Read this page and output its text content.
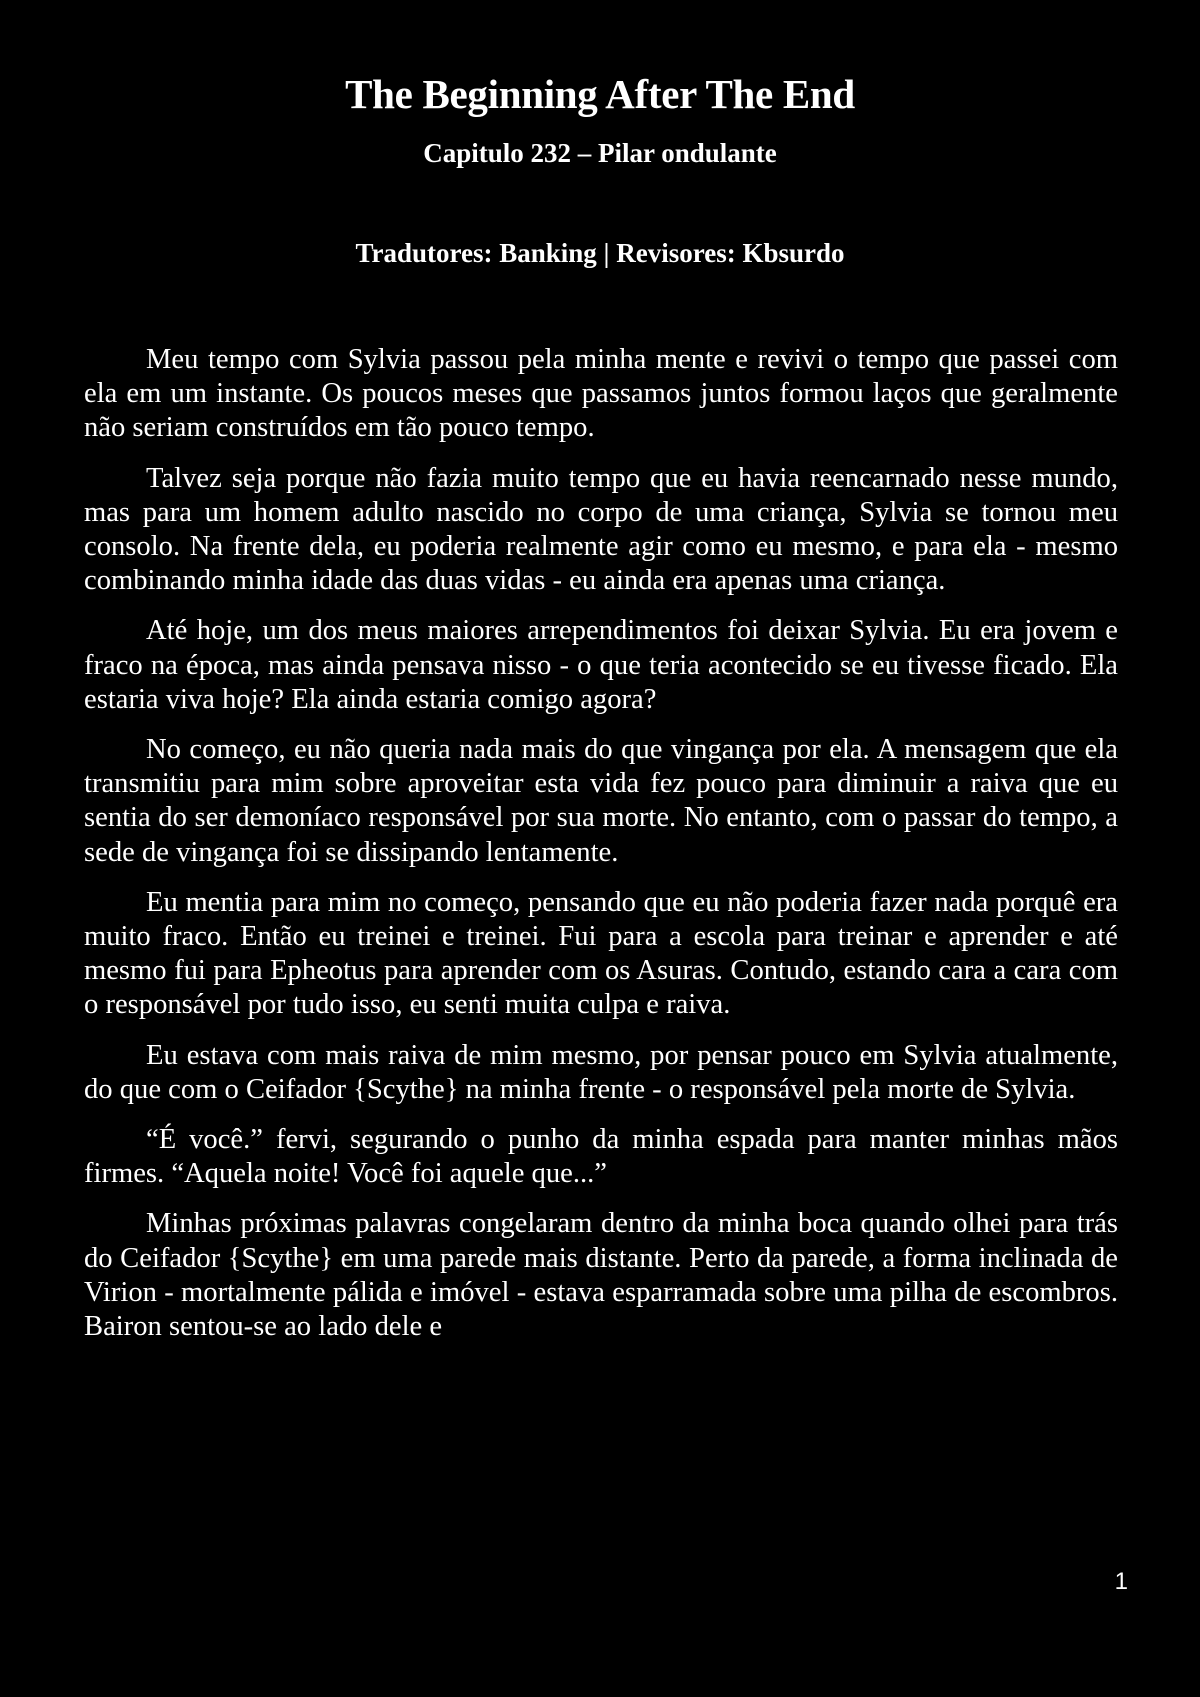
The Beginning After The End
Capitulo 232 – Pilar ondulante
Tradutores: Banking | Revisores: Kbsurdo

Meu tempo com Sylvia passou pela minha mente e revivi o tempo que passei com ela em um instante. Os poucos meses que passamos juntos formou laços que geralmente não seriam construídos em tão pouco tempo.

Talvez seja porque não fazia muito tempo que eu havia reencarnado nesse mundo, mas para um homem adulto nascido no corpo de uma criança, Sylvia se tornou meu consolo. Na frente dela, eu poderia realmente agir como eu mesmo, e para ela - mesmo combinando minha idade das duas vidas - eu ainda era apenas uma criança.

Até hoje, um dos meus maiores arrependimentos foi deixar Sylvia. Eu era jovem e fraco na época, mas ainda pensava nisso - o que teria acontecido se eu tivesse ficado. Ela estaria viva hoje? Ela ainda estaria comigo agora?

No começo, eu não queria nada mais do que vingança por ela. A mensagem que ela transmitiu para mim sobre aproveitar esta vida fez pouco para diminuir a raiva que eu sentia do ser demoníaco responsável por sua morte. No entanto, com o passar do tempo, a sede de vingança foi se dissipando lentamente.

Eu mentia para mim no começo, pensando que eu não poderia fazer nada porquê era muito fraco. Então eu treinei e treinei. Fui para a escola para treinar e aprender e até mesmo fui para Epheotus para aprender com os Asuras. Contudo, estando cara a cara com o responsável por tudo isso, eu senti muita culpa e raiva.

Eu estava com mais raiva de mim mesmo, por pensar pouco em Sylvia atualmente, do que com o Ceifador {Scythe} na minha frente - o responsável pela morte de Sylvia.

“É você.” fervi, segurando o punho da minha espada para manter minhas mãos firmes. “Aquela noite! Você foi aquele que...”

Minhas próximas palavras congelaram dentro da minha boca quando olhei para trás do Ceifador {Scythe} em uma parede mais distante. Perto da parede, a forma inclinada de Virion - mortalmente pálida e imóvel - estava esparramada sobre uma pilha de escombros. Bairon sentou-se ao lado dele e

1
